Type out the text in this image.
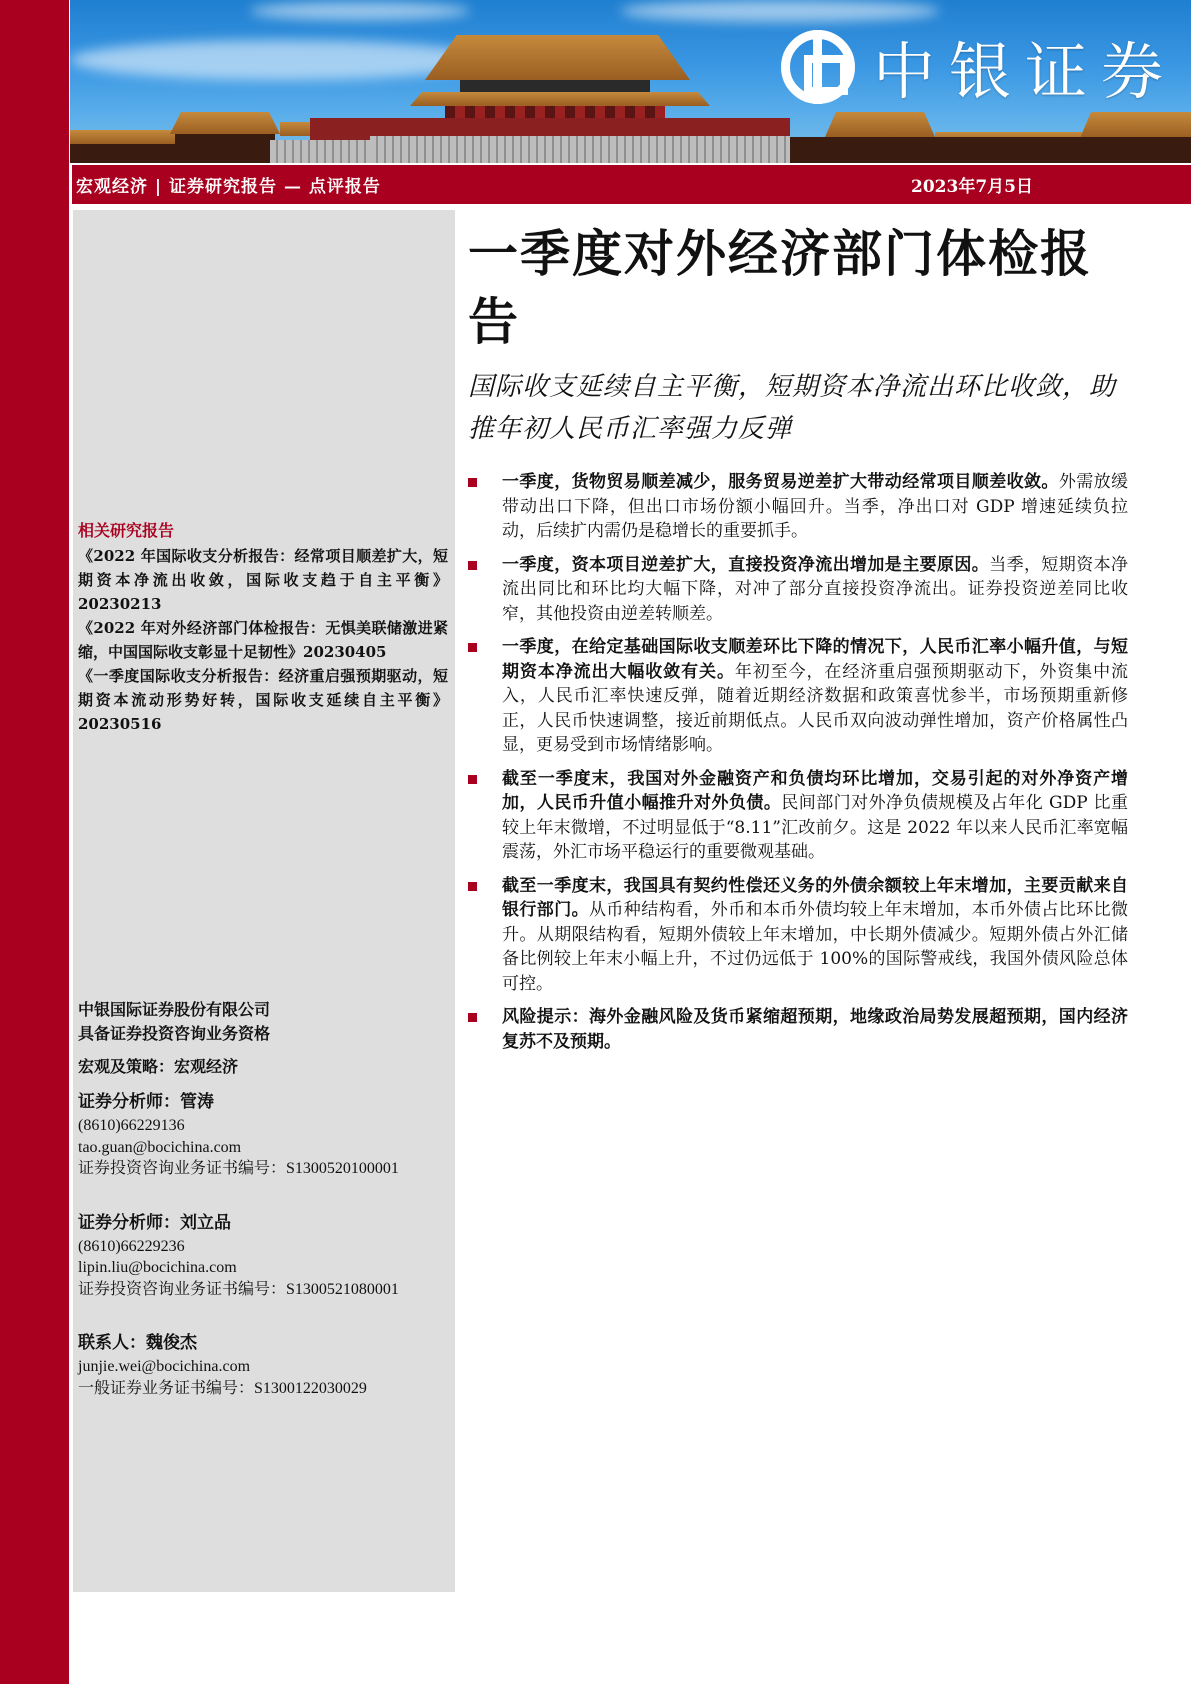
中银证券
宏观经济 | 证券研究报告 — 点评报告	2023年7月5日
相关研究报告
《2022 年国际收支分析报告：经常项目顺差扩大，短期资本净流出收敛，国际收支趋于自主平衡》20230213
《2022 年对外经济部门体检报告：无惧美联储激进紧缩，中国国际收支彰显十足韧性》20230405
《一季度国际收支分析报告：经济重启强预期驱动，短期资本流动形势好转，国际收支延续自主平衡》20230516
中银国际证券股份有限公司
具备证券投资咨询业务资格
宏观及策略：宏观经济
证券分析师：管涛
(8610)66229136
tao.guan@bocichina.com
证券投资咨询业务证书编号：S1300520100001
证券分析师：刘立品
(8610)66229236
lipin.liu@bocichina.com
证券投资咨询业务证书编号：S1300521080001
联系人：魏俊杰
junjie.wei@bocichina.com
一般证券业务证书编号：S1300122030029
一季度对外经济部门体检报告
国际收支延续自主平衡，短期资本净流出环比收敛，助推年初人民币汇率强力反弹
一季度，货物贸易顺差减少，服务贸易逆差扩大带动经常项目顺差收敛。外需放缓带动出口下降，但出口市场份额小幅回升。当季，净出口对 GDP 增速延续负拉动，后续扩内需仍是稳增长的重要抓手。
一季度，资本项目逆差扩大，直接投资净流出增加是主要原因。当季，短期资本净流出同比和环比均大幅下降，对冲了部分直接投资净流出。证券投资逆差同比收窄，其他投资由逆差转顺差。
一季度，在给定基础国际收支顺差环比下降的情况下，人民币汇率小幅升值，与短期资本净流出大幅收敛有关。年初至今，在经济重启强预期驱动下，外资集中流入，人民币汇率快速反弹，随着近期经济数据和政策喜忧参半，市场预期重新修正，人民币快速调整，接近前期低点。人民币双向波动弹性增加，资产价格属性凸显，更易受到市场情绪影响。
截至一季度末，我国对外金融资产和负债均环比增加，交易引起的对外净资产增加，人民币升值小幅推升对外负债。民间部门对外净负债规模及占年化 GDP 比重较上年末微增，不过明显低于“8.11”汇改前夕。这是 2022 年以来人民币汇率宽幅震荡，外汇市场平稳运行的重要微观基础。
截至一季度末，我国具有契约性偿还义务的外债余额较上年末增加，主要贡献来自银行部门。从币种结构看，外币和本币外债均较上年末增加，本币外债占比环比微升。从期限结构看，短期外债较上年末增加，中长期外债减少。短期外债占外汇储备比例较上年末小幅上升，不过仍远低于 100%的国际警戒线，我国外债风险总体可控。
风险提示：海外金融风险及货币紧缩超预期，地缘政治局势发展超预期，国内经济复苏不及预期。
